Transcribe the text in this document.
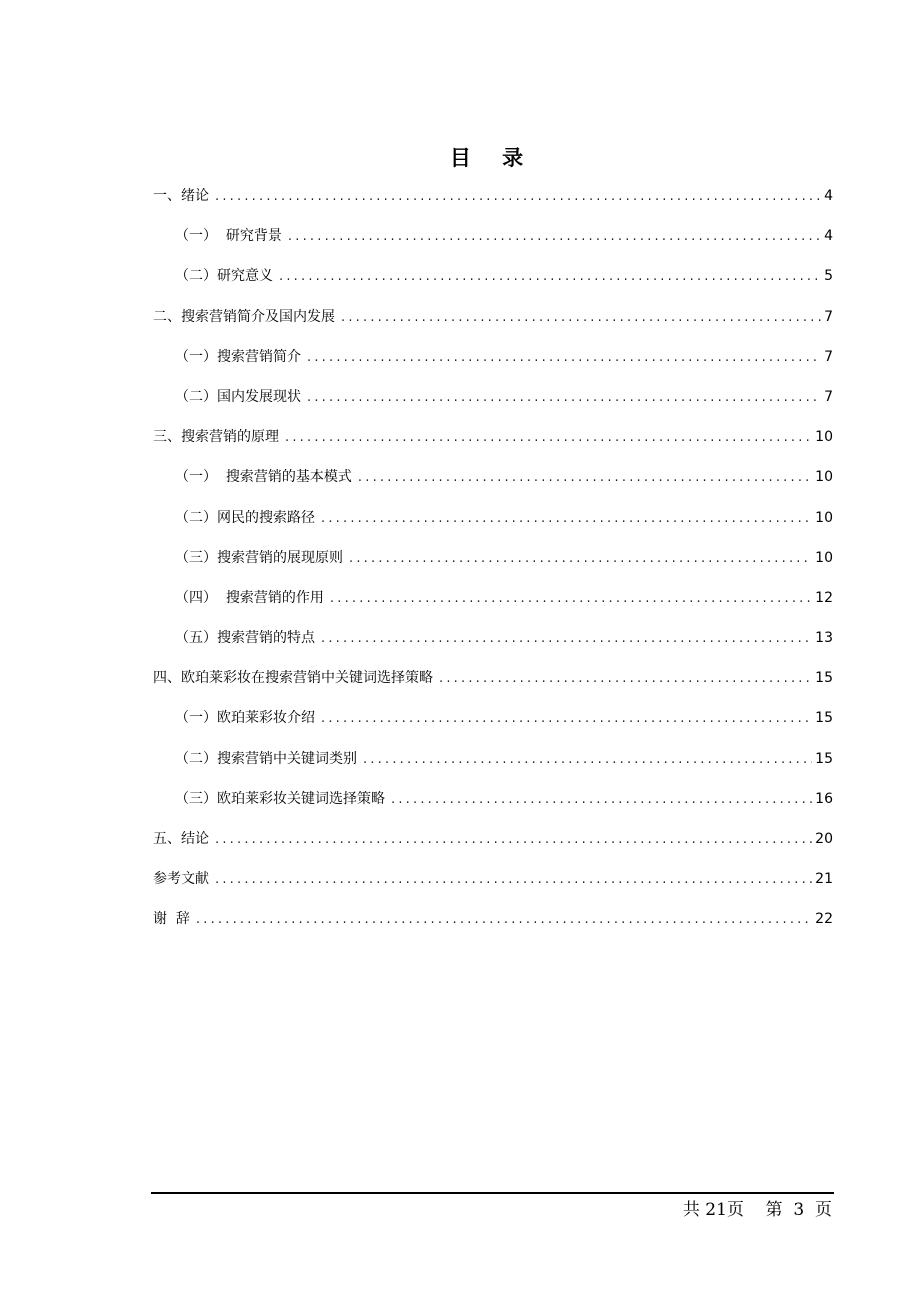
目 录
一、绪论 .....	4
（一）  研究背景 .....	4
（二）研究意义 .....	5
二、搜索营销简介及国内发展 .....	7
（一）搜索营销简介 .....	7
（二）国内发展现状 .....	7
三、搜索营销的原理 .....	10
（一）  搜索营销的基本模式 .....	10
（二）网民的搜索路径 .....	10
（三）搜索营销的展现原则 .....	10
（四）  搜索营销的作用 .....	12
（五）搜索营销的特点 .....	13
四、欧珀莱彩妆在搜索营销中关键词选择策略 .....	15
（一）欧珀莱彩妆介绍 .....	15
（二）搜索营销中关键词类别 .....	15
（三）欧珀莱彩妆关键词选择策略 .....	16
五、结论 .....	20
参考文献 .....	21
谢  辞 .....	22
共 21页    第  3  页
